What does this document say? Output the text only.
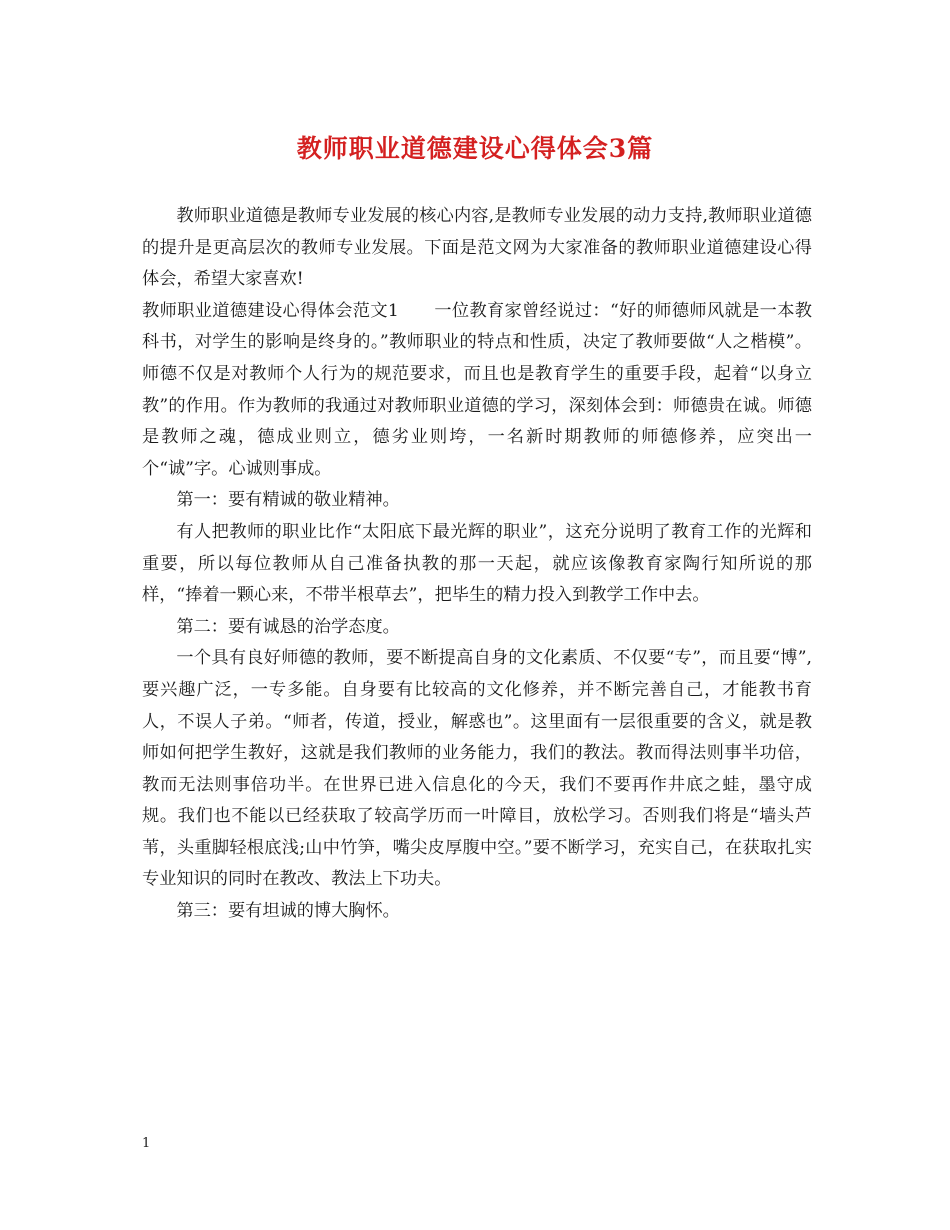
教师职业道德建设心得体会3篇

教师职业道德是教师专业发展的核心内容,是教师专业发展的动力支持,教师职业道德的提升是更高层次的教师专业发展。下面是范文网为大家准备的教师职业道德建设心得体会，希望大家喜欢!

教师职业道德建设心得体会范文1　　一位教育家曾经说过：“好的师德师风就是一本教科书，对学生的影响是终身的。”教师职业的特点和性质，决定了教师要做“人之楷模”。师德不仅是对教师个人行为的规范要求，而且也是教育学生的重要手段，起着“以身立教”的作用。作为教师的我通过对教师职业道德的学习，深刻体会到：师德贵在诚。师德是教师之魂，德成业则立，德劣业则垮，一名新时期教师的师德修养，应突出一个“诚”字。心诚则事成。

第一：要有精诚的敬业精神。

有人把教师的职业比作“太阳底下最光辉的职业”，这充分说明了教育工作的光辉和重要，所以每位教师从自己准备执教的那一天起，就应该像教育家陶行知所说的那样，“捧着一颗心来，不带半根草去”，把毕生的精力投入到教学工作中去。

第二：要有诚恳的治学态度。

一个具有良好师德的教师，要不断提高自身的文化素质、不仅要“专”，而且要“博”,要兴趣广泛，一专多能。自身要有比较高的文化修养，并不断完善自己，才能教书育人，不误人子弟。“师者，传道，授业，解惑也”。这里面有一层很重要的含义，就是教师如何把学生教好，这就是我们教师的业务能力，我们的教法。教而得法则事半功倍，教而无法则事倍功半。在世界已进入信息化的今天，我们不要再作井底之蛙，墨守成规。我们也不能以已经获取了较高学历而一叶障目，放松学习。否则我们将是“墙头芦苇，头重脚轻根底浅;山中竹笋，嘴尖皮厚腹中空。”要不断学习，充实自己，在获取扎实专业知识的同时在教改、教法上下功夫。

第三：要有坦诚的博大胸怀。

1
